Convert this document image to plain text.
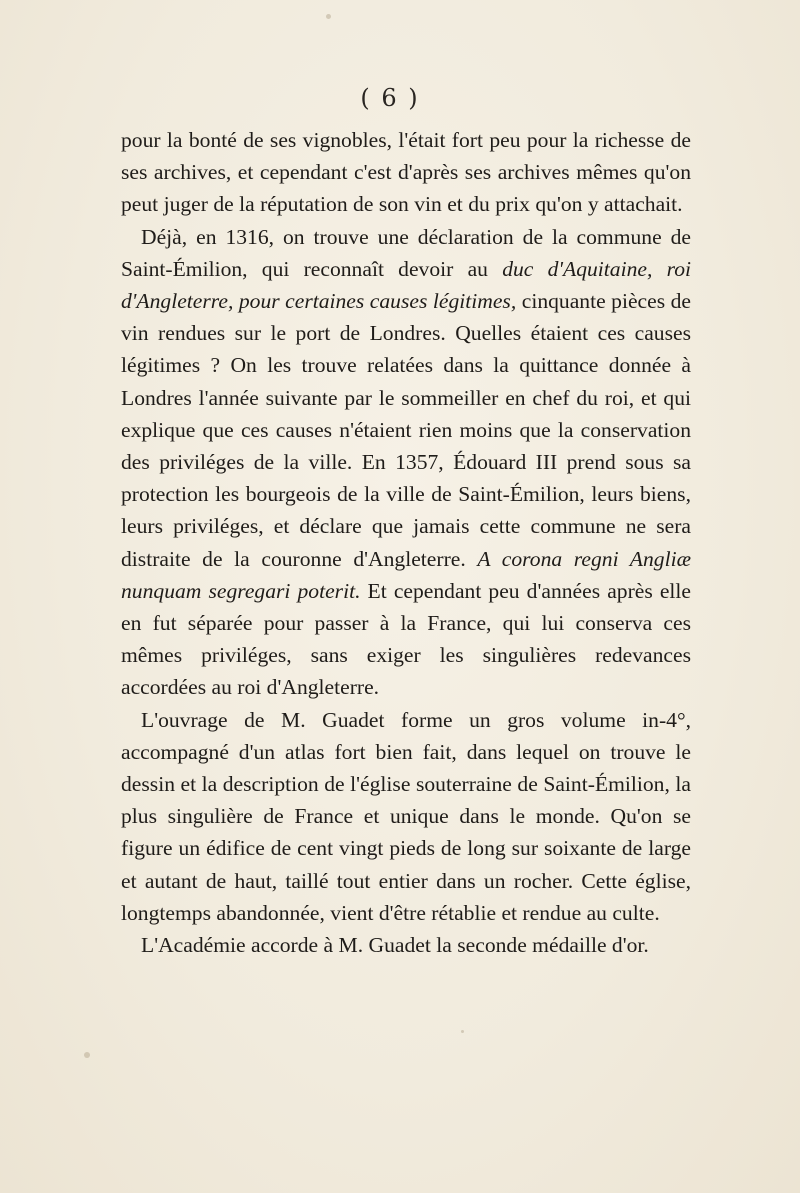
( 6 )

pour la bonté de ses vignobles, l'était fort peu pour la richesse de ses archives, et cependant c'est d'après ses archives mêmes qu'on peut juger de la réputation de son vin et du prix qu'on y attachait.

Déjà, en 1316, on trouve une déclaration de la commune de Saint-Émilion, qui reconnaît devoir au duc d'Aquitaine, roi d'Angleterre, pour certaines causes légitimes, cinquante pièces de vin rendues sur le port de Londres. Quelles étaient ces causes légitimes ? On les trouve relatées dans la quittance donnée à Londres l'année suivante par le sommeiller en chef du roi, et qui explique que ces causes n'étaient rien moins que la conservation des priviléges de la ville. En 1357, Édouard III prend sous sa protection les bourgeois de la ville de Saint-Émilion, leurs biens, leurs priviléges, et déclare que jamais cette commune ne sera distraite de la couronne d'Angleterre. A corona regni Angliæ nunquam segregari poterit. Et cependant peu d'années après elle en fut séparée pour passer à la France, qui lui conserva ces mêmes priviléges, sans exiger les singulières redevances accordées au roi d'Angleterre.

L'ouvrage de M. Guadet forme un gros volume in-4°, accompagné d'un atlas fort bien fait, dans lequel on trouve le dessin et la description de l'église souterraine de Saint-Émilion, la plus singulière de France et unique dans le monde. Qu'on se figure un édifice de cent vingt pieds de long sur soixante de large et autant de haut, taillé tout entier dans un rocher. Cette église, longtemps abandonnée, vient d'être rétablie et rendue au culte.

L'Académie accorde à M. Guadet la seconde médaille d'or.
